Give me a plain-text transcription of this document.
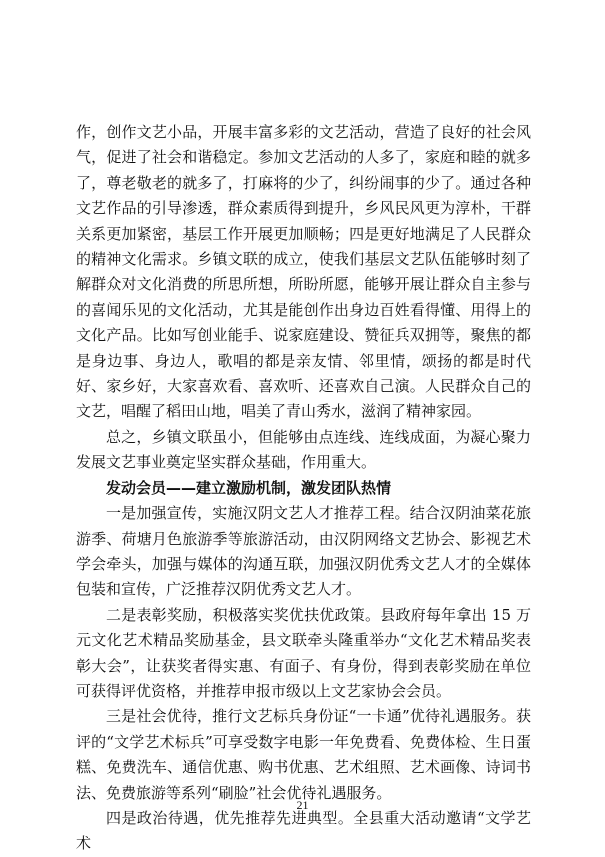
作，创作文艺小品，开展丰富多彩的文艺活动，营造了良好的社会风气，促进了社会和谐稳定。参加文艺活动的人多了，家庭和睦的就多了，尊老敬老的就多了，打麻将的少了，纠纷闹事的少了。通过各种文艺作品的引导渗透，群众素质得到提升，乡风民风更为淳朴，干群关系更加紧密，基层工作开展更加顺畅；四是更好地满足了人民群众的精神文化需求。乡镇文联的成立，使我们基层文艺队伍能够时刻了解群众对文化消费的所思所想，所盼所愿，能够开展让群众自主参与的喜闻乐见的文化活动，尤其是能创作出身边百姓看得懂、用得上的文化产品。比如写创业能手、说家庭建设、赞征兵双拥等，聚焦的都是身边事、身边人，歌唱的都是亲友情、邻里情，颂扬的都是时代好、家乡好，大家喜欢看、喜欢听、还喜欢自己演。人民群众自己的文艺，唱醒了稻田山地，唱美了青山秀水，滋润了精神家园。

总之，乡镇文联虽小，但能够由点连线、连线成面，为凝心聚力发展文艺事业奠定坚实群众基础，作用重大。

发动会员——建立激励机制，激发团队热情

一是加强宣传，实施汉阴文艺人才推荐工程。结合汉阴油菜花旅游季、荷塘月色旅游季等旅游活动，由汉阴网络文艺协会、影视艺术学会牵头，加强与媒体的沟通互联，加强汉阴优秀文艺人才的全媒体包装和宣传，广泛推荐汉阴优秀文艺人才。

二是表彰奖励，积极落实奖优扶优政策。县政府每年拿出 15 万元文化艺术精品奖励基金，县文联牵头隆重举办“文化艺术精品奖表彰大会”，让获奖者得实惠、有面子、有身份，得到表彰奖励在单位可获得评优资格，并推荐申报市级以上文艺家协会会员。

三是社会优待，推行文艺标兵身份证“一卡通”优待礼遇服务。获评的“文学艺术标兵”可享受数字电影一年免费看、免费体检、生日蛋糕、免费洗车、通信优惠、购书优惠、艺术组照、艺术画像、诗词书法、免费旅游等系列“刷脸”社会优待礼遇服务。

四是政治待遇，优先推荐先进典型。全县重大活动邀请“文学艺术

21
